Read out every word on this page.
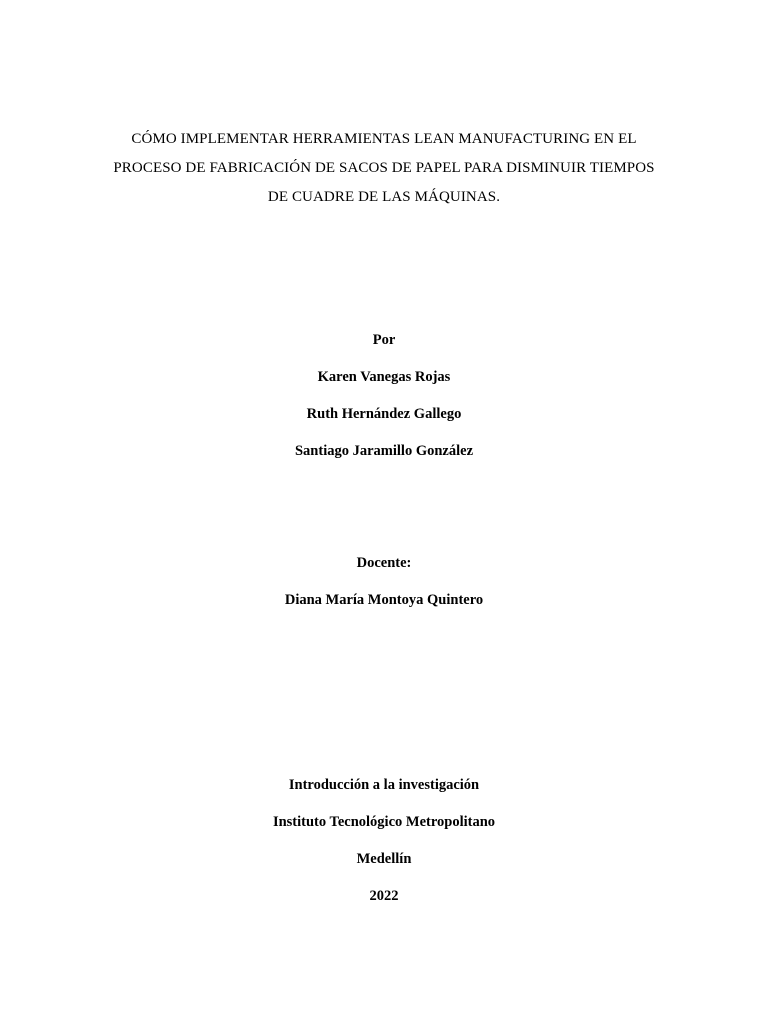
CÓMO IMPLEMENTAR HERRAMIENTAS LEAN MANUFACTURING EN EL
PROCESO DE FABRICACIÓN DE SACOS DE PAPEL PARA DISMINUIR TIEMPOS
DE CUADRE DE LAS MÁQUINAS.
Por
Karen Vanegas Rojas
Ruth Hernández Gallego
Santiago Jaramillo González
Docente:
Diana María Montoya Quintero
Introducción a la investigación
Instituto Tecnológico Metropolitano
Medellín
2022
